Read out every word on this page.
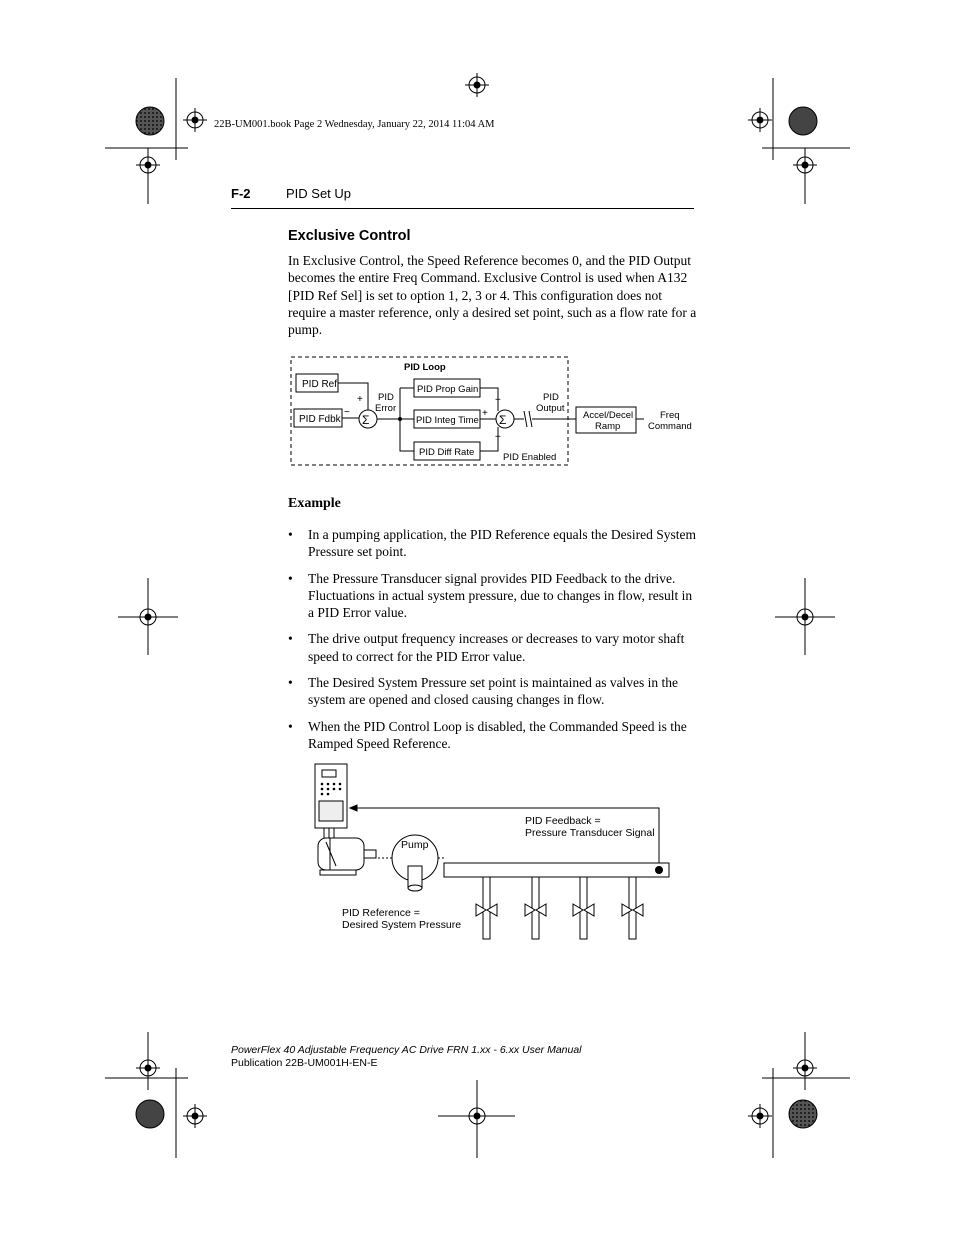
22B-UM001.book Page 2 Wednesday, January 22, 2014 11:04 AM
F-2	PID Set Up
Exclusive Control
In Exclusive Control, the Speed Reference becomes 0, and the PID Output becomes the entire Freq Command. Exclusive Control is used when A132 [PID Ref Sel] is set to option 1, 2, 3 or 4. This configuration does not require a master reference, only a desired set point, such as a flow rate for a pump.
PID Loop
PID Ref
PID Fdbk Σ
+
−
PID
Error
PID Prop Gain
PID Integ Time
PID Diff Rate
Σ
+
+
+
PID
Output
PID Enabled
Accel/Decel
Ramp
Freq
Command
Example
• In a pumping application, the PID Reference equals the Desired System Pressure set point.
• The Pressure Transducer signal provides PID Feedback to the drive. Fluctuations in actual system pressure, due to changes in flow, result in a PID Error value.
• The drive output frequency increases or decreases to vary motor shaft speed to correct for the PID Error value.
• The Desired System Pressure set point is maintained as valves in the system are opened and closed causing changes in flow.
• When the PID Control Loop is disabled, the Commanded Speed is the Ramped Speed Reference.
PID Feedback =
Pressure Transducer Signal
Pump
PID Reference =
Desired System Pressure
PowerFlex 40 Adjustable Frequency AC Drive FRN 1.xx - 6.xx User Manual
Publication 22B-UM001H-EN-E
